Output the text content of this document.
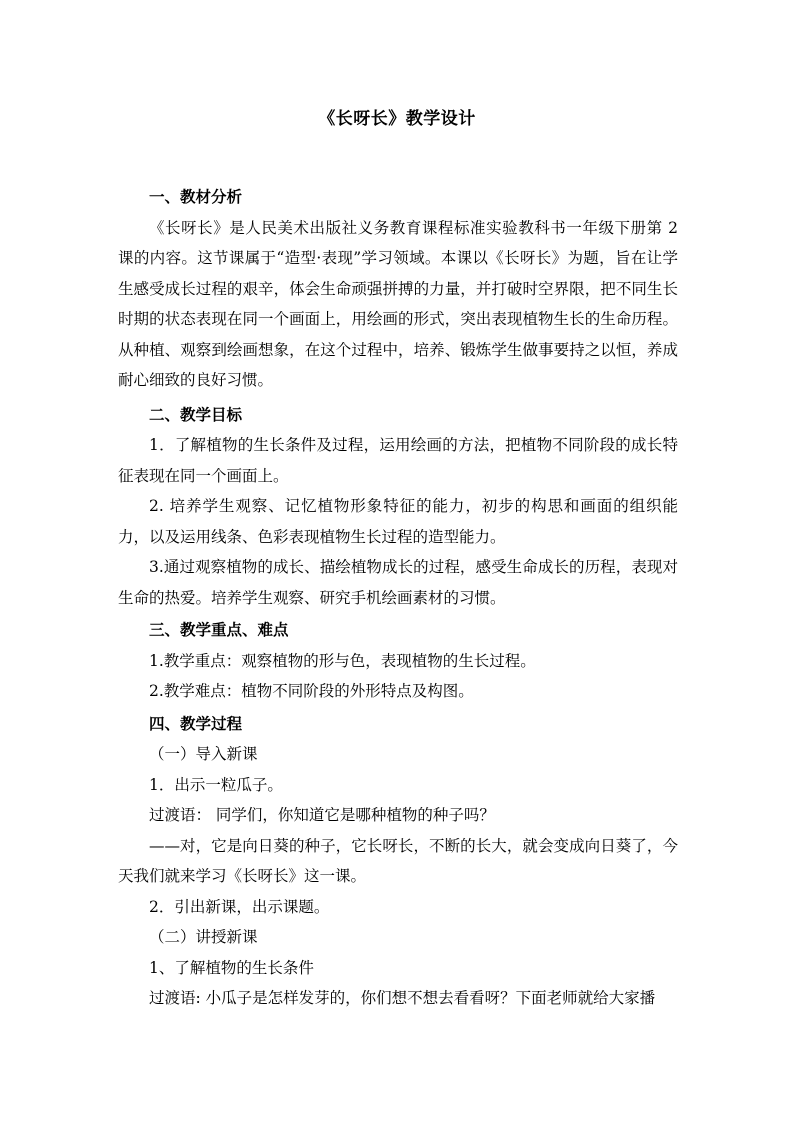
《长呀长》教学设计

一、教材分析

《长呀长》是人民美术出版社义务教育课程标准实验教科书一年级下册第 2 课的内容。这节课属于“造型·表现”学习领域。本课以《长呀长》为题，旨在让学生感受成长过程的艰辛，体会生命顽强拼搏的力量，并打破时空界限，把不同生长时期的状态表现在同一个画面上，用绘画的形式，突出表现植物生长的生命历程。从种植、观察到绘画想象，在这个过程中，培养、锻炼学生做事要持之以恒，养成耐心细致的良好习惯。

二、教学目标

1．了解植物的生长条件及过程，运用绘画的方法，把植物不同阶段的成长特征表现在同一个画面上。

2. 培养学生观察、记忆植物形象特征的能力，初步的构思和画面的组织能力，以及运用线条、色彩表现植物生长过程的造型能力。

3.通过观察植物的成长、描绘植物成长的过程，感受生命成长的历程，表现对生命的热爱。培养学生观察、研究手机绘画素材的习惯。

三、教学重点、难点

1.教学重点：观察植物的形与色，表现植物的生长过程。

2.教学难点：植物不同阶段的外形特点及构图。

四、教学过程

（一）导入新课

1．出示一粒瓜子。

过渡语： 同学们，你知道它是哪种植物的种子吗？

——对，它是向日葵的种子，它长呀长，不断的长大，就会变成向日葵了，今天我们就来学习《长呀长》这一课。

2．引出新课，出示课题。

（二）讲授新课

1、了解植物的生长条件

过渡语: 小瓜子是怎样发芽的，你们想不想去看看呀？下面老师就给大家播
